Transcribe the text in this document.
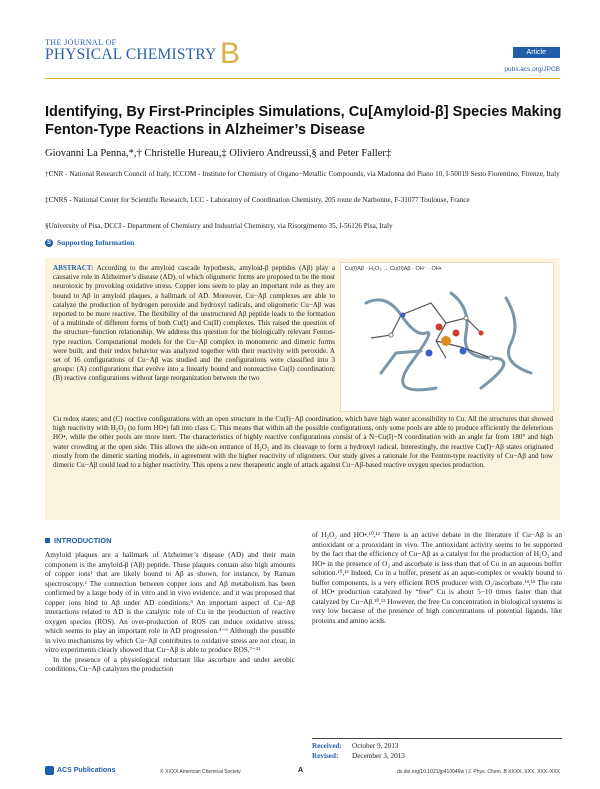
THE JOURNAL OF
PHYSICAL CHEMISTRY B	Article
pubs.acs.org/JPCB
Identifying, By First-Principles Simulations, Cu[Amyloid-β] Species Making Fenton-Type Reactions in Alzheimer’s Disease
Giovanni La Penna,*,† Christelle Hureau,‡ Oliviero Andreussi,§ and Peter Faller‡
†CNR - National Research Council of Italy, ICCOM - Institute for Chemistry of Organo−Metallic Compounds, via Madonna del Piano 10, I-50019 Sesto Fiorentino, Firenze, Italy
‡CNRS - National Center for Scientific Research, LCC - Laboratory of Coordination Chemistry, 205 route de Narbonne, F-31077 Toulouse, France
§University of Pisa, DCCI - Department of Chemistry and Industrial Chemistry, via Risorgimento 35, I-56126 Pisa, Italy
S Supporting Information
ABSTRACT: According to the amyloid cascade hypothesis, amyloid-β peptides (Aβ) play a causative role in Alzheimer’s disease (AD), of which oligomeric forms are proposed to be the most neurotoxic by provoking oxidative stress. Copper ions seem to play an important role as they are bound to Aβ in amyloid plaques, a hallmark of AD. Moreover, Cu−Aβ complexes are able to catalyze the production of hydrogen peroxide and hydroxyl radicals, and oligomeric Cu−Aβ was reported to be more reactive. The flexibility of the unstructured Aβ peptide leads to the formation of a multitude of different forms of both Cu(I) and Cu(II) complexes. This raised the question of the structure−function relationship. We address this question for the biologically relevant Fenton-type reaction. Computational models for the Cu−Aβ complex in monomeric and dimeric forms were built, and their redox behavior was analyzed together with their reactivity with peroxide. A set of 16 configurations of Cu−Aβ was studied and the configurations were classified into 3 groups: (A) configurations that evolve into a linearly bound and nonreactive Cu(I) coordination; (B) reactive configurations without large reorganization between the two
Cu(I)Aβ · H₂O₂ → Cu(II)Aβ · OH⁻ · OH•
Cu redox states; and (C) reactive configurations with an open structure in the Cu(I)−Aβ coordination, which have high water accessibility to Cu. All the structures that showed high reactivity with H₂O₂ (to form HO•) fall into class C. This means that within all the possible configurations, only some pools are able to produce efficiently the deleterious HO•, while the other pools are more inert. The characteristics of highly reactive configurations consist of a N−Cu(I)−N coordination with an angle far from 180° and high water crowding at the open side. This allows the side-on entrance of H₂O₂ and its cleavage to form a hydroxyl radical. Interestingly, the reactive Cu(I)−Aβ states originated mostly from the dimeric starting models, in agreement with the higher reactivity of oligomers. Our study gives a rationale for the Fenton-type reactivity of Cu−Aβ and how dimeric Cu−Aβ could lead to a higher reactivity. This opens a new therapeutic angle of attack against Cu−Aβ-based reactive oxygen species production.
INTRODUCTION

Amyloid plaques are a hallmark of Alzheimer’s disease (AD) and their main component is the amyloid-β (Aβ) peptide. These plaques contain also high amounts of copper ions¹ that are likely bound to Aβ as shown, for instance, by Raman spectroscopy.² The connection between copper ions and Aβ metabolism has been confirmed by a large body of in vitro and in vivo evidence, and it was proposed that copper ions bind to Aβ under AD conditions.³ An important aspect of Cu−Aβ interactions related to AD is the catalytic role of Cu in the production of reactive oxygen species (ROS). An over-production of ROS can induce oxidative stress, which seems to play an important role in AD progression.⁴⁻⁶ Although the possible in vivo mechanisms by which Cu−Aβ contributes to oxidative stress are not clear, in vitro experiments clearly showed that Cu−Aβ is able to produce ROS.⁷⁻¹¹

In the presence of a physiological reductant like ascorbate and under aerobic conditions, Cu−Aβ catalyzes the production

of H₂O₂ and HO•.¹⁰,¹² There is an active debate in the literature if Cu−Aβ is an antioxidant or a prooxidant in vivo. The antioxidant activity seems to be supported by the fact that the efficiency of Cu−Aβ as a catalyst for the production of H₂O₂ and HO• in the presence of O₂ and ascorbate is less than that of Cu in an aqueous buffer solution.¹⁰,¹³ Indeed, Cu in a buffer, present as an aquo-complex or weakly bound to buffer components, is a very efficient ROS producer with O₂/ascorbate.¹⁴,¹⁵ The rate of HO• production catalyzed by “free” Cu is about 5−10 times faster than that catalyzed by Cu−Aβ.¹⁰,¹² However, the free Cu concentration in biological systems is very low because of the presence of high concentrations of potential ligands, like proteins and amino acids.

Received: October 9, 2013
Revised: December 3, 2013
ACS Publications	© XXXX American Chemical Society	A	dx.doi.org/10.1021/jp410046w | J. Phys. Chem. B XXXX, XXX, XXX−XXX
